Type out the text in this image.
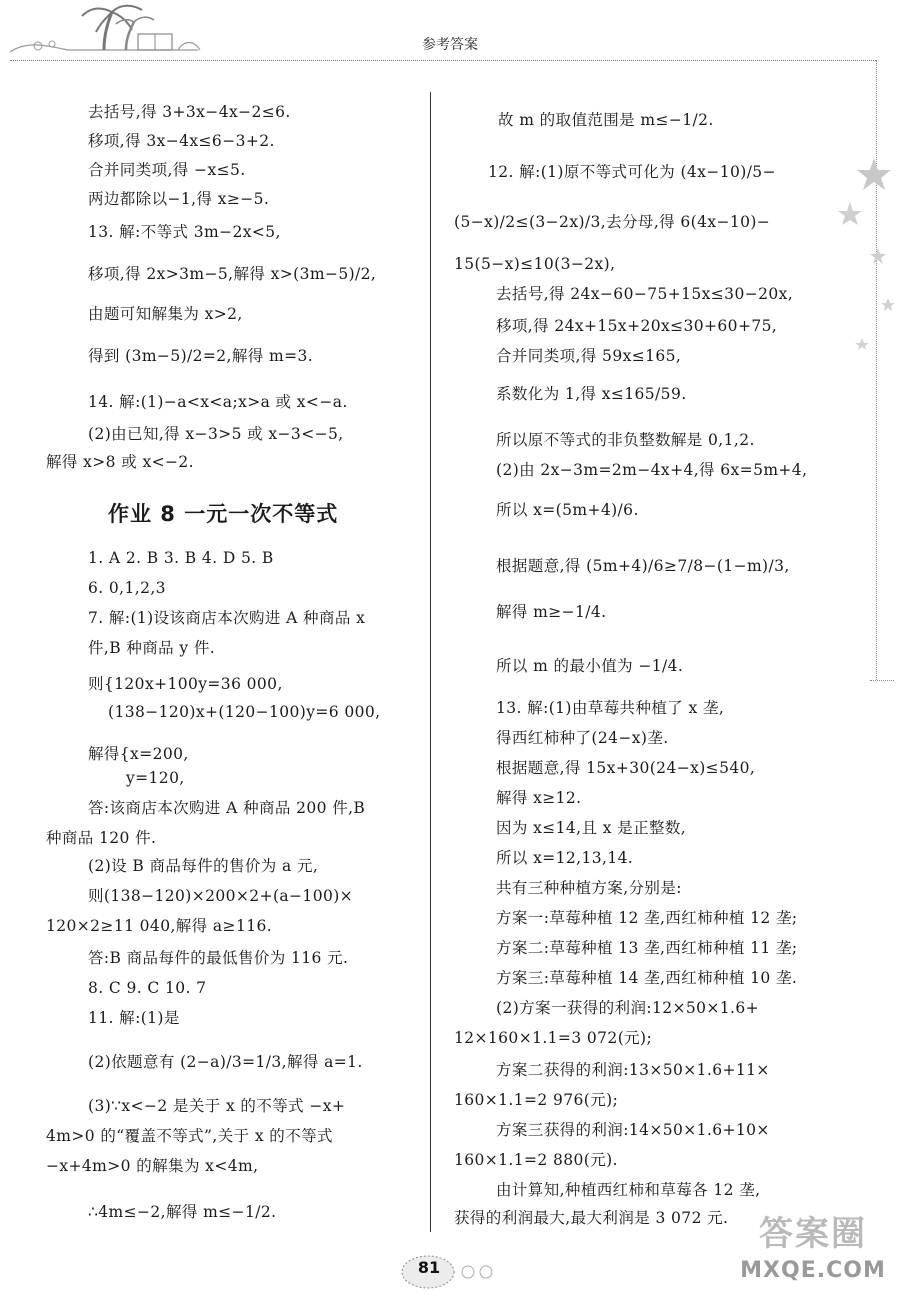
参考答案
去括号,得 3+3x−4x−2≤6.
移项,得 3x−4x≤6−3+2.
合并同类项,得 −x≤5.
两边都除以−1,得 x≥−5.
13. 解:不等式 3m−2x<5,
移项,得 2x>3m−5,解得 x>(3m−5)/2,
由题可知解集为 x>2,
得到 (3m−5)/2=2,解得 m=3.
14. 解:(1)−a<x<a;x>a 或 x<−a.
(2)由已知,得 x−3>5 或 x−3<−5,
解得 x>8 或 x<−2.
1. A 2. B 3. B 4. D 5. B
6. 0,1,2,3
7. 解:(1)设该商店本次购进 A 种商品 x
件,B 种商品 y 件.
则{120x+100y=36 000,
(138−120)x+(120−100)y=6 000,
解得{x=200,
y=120,
答:该商店本次购进 A 种商品 200 件,B
种商品 120 件.
(2)设 B 商品每件的售价为 a 元,
则(138−120)×200×2+(a−100)×
120×2≥11 040,解得 a≥116.
答:B 商品每件的最低售价为 116 元.
8. C 9. C 10. 7
11. 解:(1)是
(2)依题意有 (2−a)/3=1/3,解得 a=1.
(3)∵x<−2 是关于 x 的不等式 −x+
4m>0 的“覆盖不等式”,关于 x 的不等式
−x+4m>0 的解集为 x<4m,
∴4m≤−2,解得 m≤−1/2.
作业 8 一元一次不等式
故 m 的取值范围是 m≤−1/2.
12. 解:(1)原不等式可化为 (4x−10)/5−
(5−x)/2≤(3−2x)/3,去分母,得 6(4x−10)−
15(5−x)≤10(3−2x),
去括号,得 24x−60−75+15x≤30−20x,
移项,得 24x+15x+20x≤30+60+75,
合并同类项,得 59x≤165,
系数化为 1,得 x≤165/59.
所以原不等式的非负整数解是 0,1,2.
(2)由 2x−3m=2m−4x+4,得 6x=5m+4,
所以 x=(5m+4)/6.
根据题意,得 (5m+4)/6≥7/8−(1−m)/3,
解得 m≥−1/4.
所以 m 的最小值为 −1/4.
13. 解:(1)由草莓共种植了 x 垄,
得西红柿种了(24−x)垄.
根据题意,得 15x+30(24−x)≤540,
解得 x≥12.
因为 x≤14,且 x 是正整数,
所以 x=12,13,14.
共有三种种植方案,分别是:
方案一:草莓种植 12 垄,西红柿种植 12 垄;
方案二:草莓种植 13 垄,西红柿种植 11 垄;
方案三:草莓种植 14 垄,西红柿种植 10 垄.
(2)方案一获得的利润:12×50×1.6+
12×160×1.1=3 072(元);
方案二获得的利润:13×50×1.6+11×
160×1.1=2 976(元);
方案三获得的利润:14×50×1.6+10×
160×1.1=2 880(元).
由计算知,种植西红柿和草莓各 12 垄,
获得的利润最大,最大利润是 3 072 元.
81
答案圈
MXQE.COM
